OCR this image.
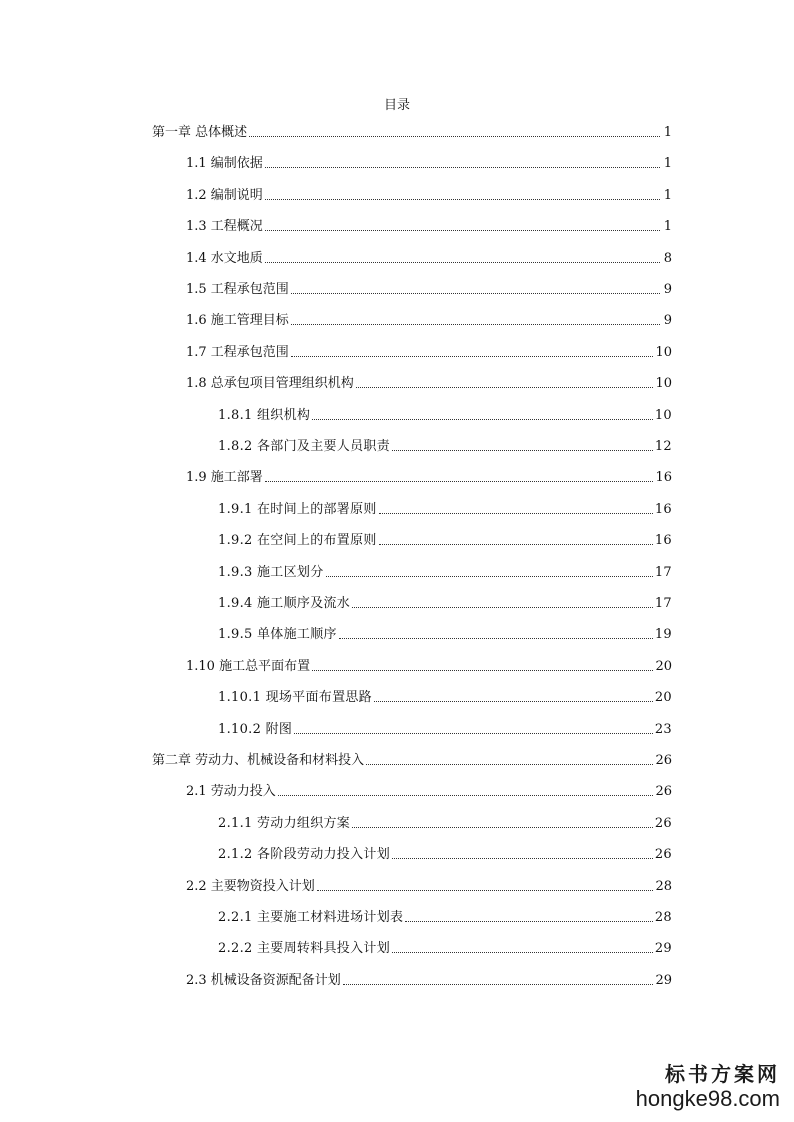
目录
第一章 总体概述	1
1.1 编制依据	1
1.2 编制说明	1
1.3 工程概况	1
1.4 水文地质	8
1.5 工程承包范围	9
1.6 施工管理目标	9
1.7 工程承包范围	10
1.8 总承包项目管理组织机构	10
1.8.1 组织机构	10
1.8.2 各部门及主要人员职责	12
1.9 施工部署	16
1.9.1 在时间上的部署原则	16
1.9.2 在空间上的布置原则	16
1.9.3 施工区划分	17
1.9.4 施工顺序及流水	17
1.9.5 单体施工顺序	19
1.10 施工总平面布置	20
1.10.1 现场平面布置思路	20
1.10.2 附图	23
第二章 劳动力、机械设备和材料投入	26
2.1 劳动力投入	26
2.1.1 劳动力组织方案	26
2.1.2 各阶段劳动力投入计划	26
2.2 主要物资投入计划	28
2.2.1 主要施工材料进场计划表	28
2.2.2 主要周转料具投入计划	29
2.3 机械设备资源配备计划	29
标书方案网
hongke98.com
